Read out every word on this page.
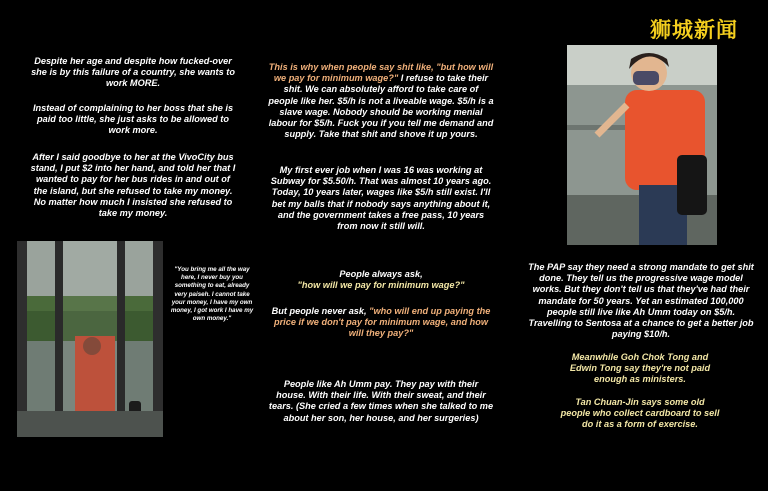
狮城新闻

Despite her age and despite how fucked-over she is by this failure of a country, she wants to work MORE.

Instead of complaining to her boss that she is paid too little, she just asks to be allowed to work more.

After I said goodbye to her at the VivoCity bus stand, I put $2 into her hand, and told her that I wanted to pay for her bus rides in and out of the island, but she refused to take my money. No matter how much I insisted she refused to take my money.

"You bring me all the way here, I never buy you something to eat, already very paiseh. I cannot take your money, I have my own money, I got work I have my own money."

This is why when people say shit like, "but how will we pay for minimum wage?" I refuse to take their shit. We can absolutely afford to take care of people like her. $5/h is not a liveable wage. $5/h is a slave wage. Nobody should be working menial labour for $5/h. Fuck you if you tell me demand and supply. Take that shit and shove it up yours.

My first ever job when I was 16 was working at Subway for $5.50/h. That was almost 10 years ago. Today, 10 years later, wages like $5/h still exist. I'll bet my balls that if nobody says anything about it, and the government takes a free pass, 10 years from now it still will.

People always ask,
"how will we pay for minimum wage?"

But people never ask, "who will end up paying the price if we don't pay for minimum wage, and how will they pay?"

People like Ah Umm pay. They pay with their house. With their life. With their sweat, and their tears. (She cried a few times when she talked to me about her son, her house, and her surgeries)

The PAP say they need a strong mandate to get shit done. They tell us the progressive wage model works. But they don't tell us that they've had their mandate for 50 years. Yet an estimated 100,000 people still live like Ah Umm today on $5/h. Travelling to Sentosa at a chance to get a better job paying $10/h.

Meanwhile Goh Chok Tong and Edwin Tong say they're not paid enough as ministers.

Tan Chuan-Jin says some old people who collect cardboard to sell do it as a form of exercise.
